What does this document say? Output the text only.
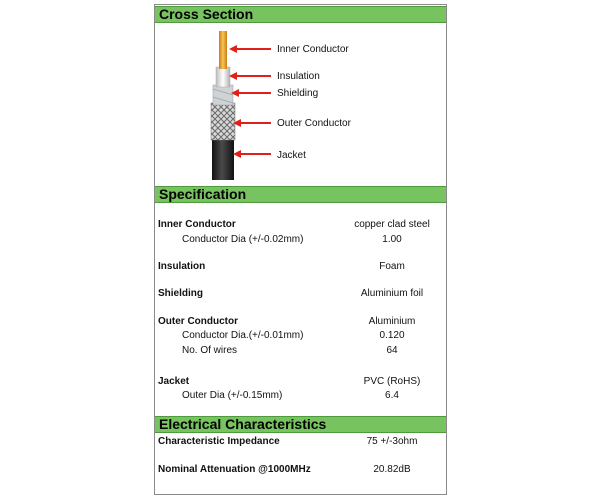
Cross Section
Inner Conductor
Insulation
Shielding
Outer Conductor
Jacket
Specification
Inner Conductor	copper clad steel
Conductor Dia (+/-0.02mm)	1.00
Insulation	Foam
Shielding	Aluminium foil
Outer Conductor	Aluminium
Conductor Dia.(+/-0.01mm)	0.120
No. Of wires	64
Jacket	PVC (RoHS)
Outer Dia (+/-0.15mm)	6.4
Electrical Characteristics
Characteristic Impedance	75 +/-3ohm
Nominal Attenuation @1000MHz	20.82dB
